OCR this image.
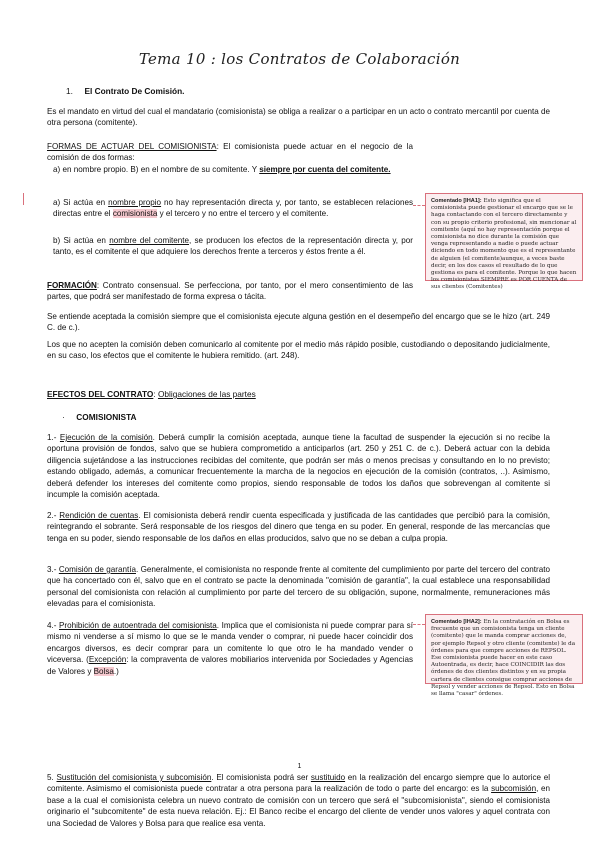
Tema 10 : los Contratos de Colaboración
1. El Contrato De Comisión.
Es el mandato en virtud del cual el mandatario (comisionista) se obliga a realizar o a participar en un acto o contrato mercantil por cuenta de otra persona (comitente).
FORMAS DE ACTUAR DEL COMISIONISTA: El comisionista puede actuar en el negocio de la comisión de dos formas:
a) en nombre propio. B) en el nombre de su comitente. Y siempre por cuenta del comitente.
a) Si actúa en nombre propio no hay representación directa y, por tanto, se establecen relaciones directas entre el comisionista y el tercero y no entre el tercero y el comitente.
b) Si actúa en nombre del comitente, se producen los efectos de la representación directa y, por tanto, es el comitente el que adquiere los derechos frente a terceros y éstos frente a él.
FORMACIÓN: Contrato consensual. Se perfecciona, por tanto, por el mero consentimiento de las partes, que podrá ser manifestado de forma expresa o tácita.
Se entiende aceptada la comisión siempre que el comisionista ejecute alguna gestión en el desempeño del encargo que se le hizo (art. 249 C. de c.).
Los que no acepten la comisión deben comunicarlo al comitente por el medio más rápido posible, custodiando o depositando judicialmente, en su caso, los efectos que el comitente le hubiera remitido. (art. 248).
EFECTOS DEL CONTRATO: Obligaciones de las partes
· COMISIONISTA
1.- Ejecución de la comisión. Deberá cumplir la comisión aceptada, aunque tiene la facultad de suspender la ejecución si no recibe la oportuna provisión de fondos, salvo que se hubiera comprometido a anticiparlos (art. 250 y 251 C. de c.). Deberá actuar con la debida diligencia sujetándose a las instrucciones recibidas del comitente, que podrán ser más o menos precisas y consultando en lo no previsto; estando obligado, además, a comunicar frecuentemente la marcha de la negocios en ejecución de la comisión (contratos, ..). Asimismo, deberá defender los intereses del comitente como propios, siendo responsable de todos los daños que sobrevengan al comitente si incumple la comisión aceptada.
2.- Rendición de cuentas. El comisionista deberá rendir cuenta especificada y justificada de las cantidades que percibió para la comisión, reintegrando el sobrante. Será responsable de los riesgos del dinero que tenga en su poder. En general, responde de las mercancías que tenga en su poder, siendo responsable de los daños en ellas producidos, salvo que no se deban a culpa propia.
3.- Comisión de garantía. Generalmente, el comisionista no responde frente al comitente del cumplimiento por parte del tercero del contrato que ha concertado con él, salvo que en el contrato se pacte la denominada "comisión de garantía", la cual establece una responsabilidad personal del comisionista con relación al cumplimiento por parte del tercero de su obligación, supone, normalmente, remuneraciones más elevadas para el comisionista.
4.- Prohibición de autoentrada del comisionista. Implica que el comisionista ni puede comprar para sí mismo ni venderse a sí mismo lo que se le manda vender o comprar, ni puede hacer coincidir dos encargos diversos, es decir comprar para un comitente lo que otro le ha mandado vender o viceversa. (Excepción: la compraventa de valores mobiliarios intervenida por Sociedades y Agencias de Valores y Bolsa.)
1
5. Sustitución del comisionista y subcomisión. El comisionista podrá ser sustituido en la realización del encargo siempre que lo autorice el comitente. Asimismo el comisionista puede contratar a otra persona para la realización de todo o parte del encargo: es la subcomisión, en base a la cual el comisionista celebra un nuevo contrato de comisión con un tercero que será el "subcomisionista", siendo el comisionista originario el "subcomitente" de esta nueva relación. Ej.: El Banco recibe el encargo del cliente de vender unos valores y aquel contrata con una Sociedad de Valores y Bolsa para que realice esa venta.
Comentado [IHA1]: Esto significa que el comisionista puede gestionar el encargo que se le haga contactando con el tercero directamente y con su propio criterio profesional, sin mencionar al comitente (aquí no hay representación porque el comisionista no dice durante la comisión que venga representando a nadie o puede actuar diciendo en todo momento que es el representante de alguien (el comitente)aunque, a veces baste decir, en los dos casos el resultado de lo que gestiona es para el comitente. Porque lo que hacen los comisionistas SIEMPRE es POR CUENTA de sus clientes (Comitentes)
Comentado [IHA2]: En la contratación en Bolsa es frecuente que un comisionista tenga un cliente (comitente) que le manda comprar acciones de, por ejemplo Repsol y otro cliente (comitente) le da órdenes para que compre acciones de REPSOL. Ese comisionista puede hacer en este caso Autoentrada, es decir, hace COINCIDIR las dos órdenes de dos clientes distintos y en su propia cartera de clientes consigue comprar acciones de Repsol y vender acciones de Repsol. Esto en Bolsa se llama "casar" órdenes.
